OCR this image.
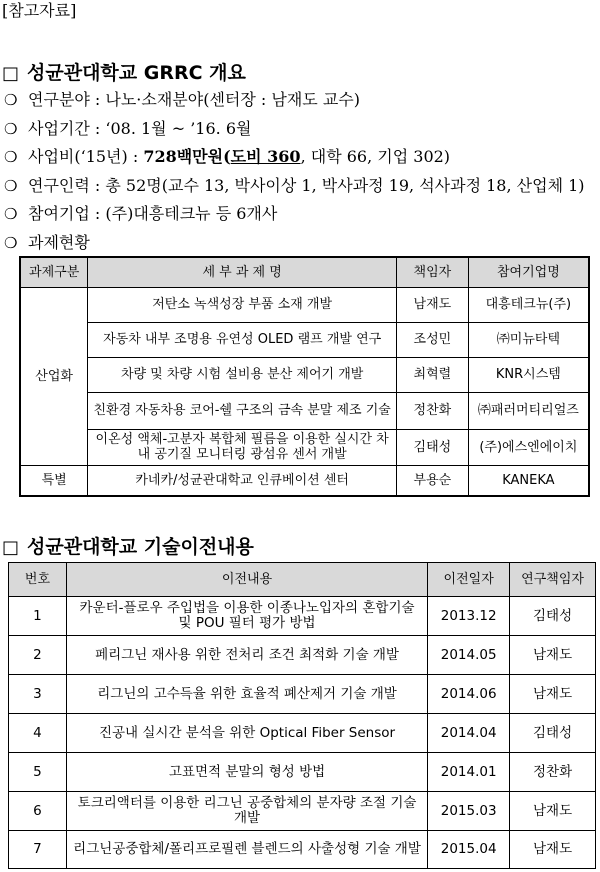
[참고자료]
□ 성균관대학교 GRRC 개요
❍ 연구분야 : 나노·소재분야(센터장 : 남재도 교수)
❍ 사업기간 : ‘08. 1월 ~ ’16. 6월
❍ 사업비(‘15년) : 728백만원(도비 360, 대학 66, 기업 302)
❍ 연구인력 : 총 52명(교수 13, 박사이상 1, 박사과정 19, 석사과정 18, 산업체 1)
❍ 참여기업 : (주)대흥테크뉴 등 6개사
❍ 과제현황
과제구분	세 부 과 제 명	책임자	참여기업명
산업화	저탄소 녹색성장 부품 소재 개발	남재도	대흥테크뉴(주)
	자동차 내부 조명용 유연성 OLED 램프 개발 연구	조성민	㈜미뉴타텍
	차량 및 차량 시험 설비용 분산 제어기 개발	최혁렬	KNR시스템
	친환경 자동차용 코어-쉘 구조의 금속 분말 제조 기술	정찬화	㈜패러머티리얼즈
	이온성 액체-고분자 복합체 필름을 이용한 실시간 차내 공기질 모니터링 광섬유 센서 개발	김태성	(주)에스엔에이치
특별	카네카/성균관대학교 인큐베이션 센터	부용순	KANEKA
□ 성균관대학교 기술이전내용
번호	이전내용	이전일자	연구책임자
1	카운터-플로우 주입법을 이용한 이종나노입자의 혼합기술 및 POU 필터 평가 방법	2013.12	김태성
2	페리그닌 재사용 위한 전처리 조건 최적화 기술 개발	2014.05	남재도
3	리그닌의 고수득율 위한 효율적 폐산제거 기술 개발	2014.06	남재도
4	진공내 실시간 분석을 위한 Optical Fiber Sensor	2014.04	김태성
5	고표면적 분말의 형성 방법	2014.01	정찬화
6	토크리액터를 이용한 리그닌 공중합체의 분자량 조절 기술 개발	2015.03	남재도
7	리그닌공중합체/폴리프로필렌 블렌드의 사출성형 기술 개발	2015.04	남재도
